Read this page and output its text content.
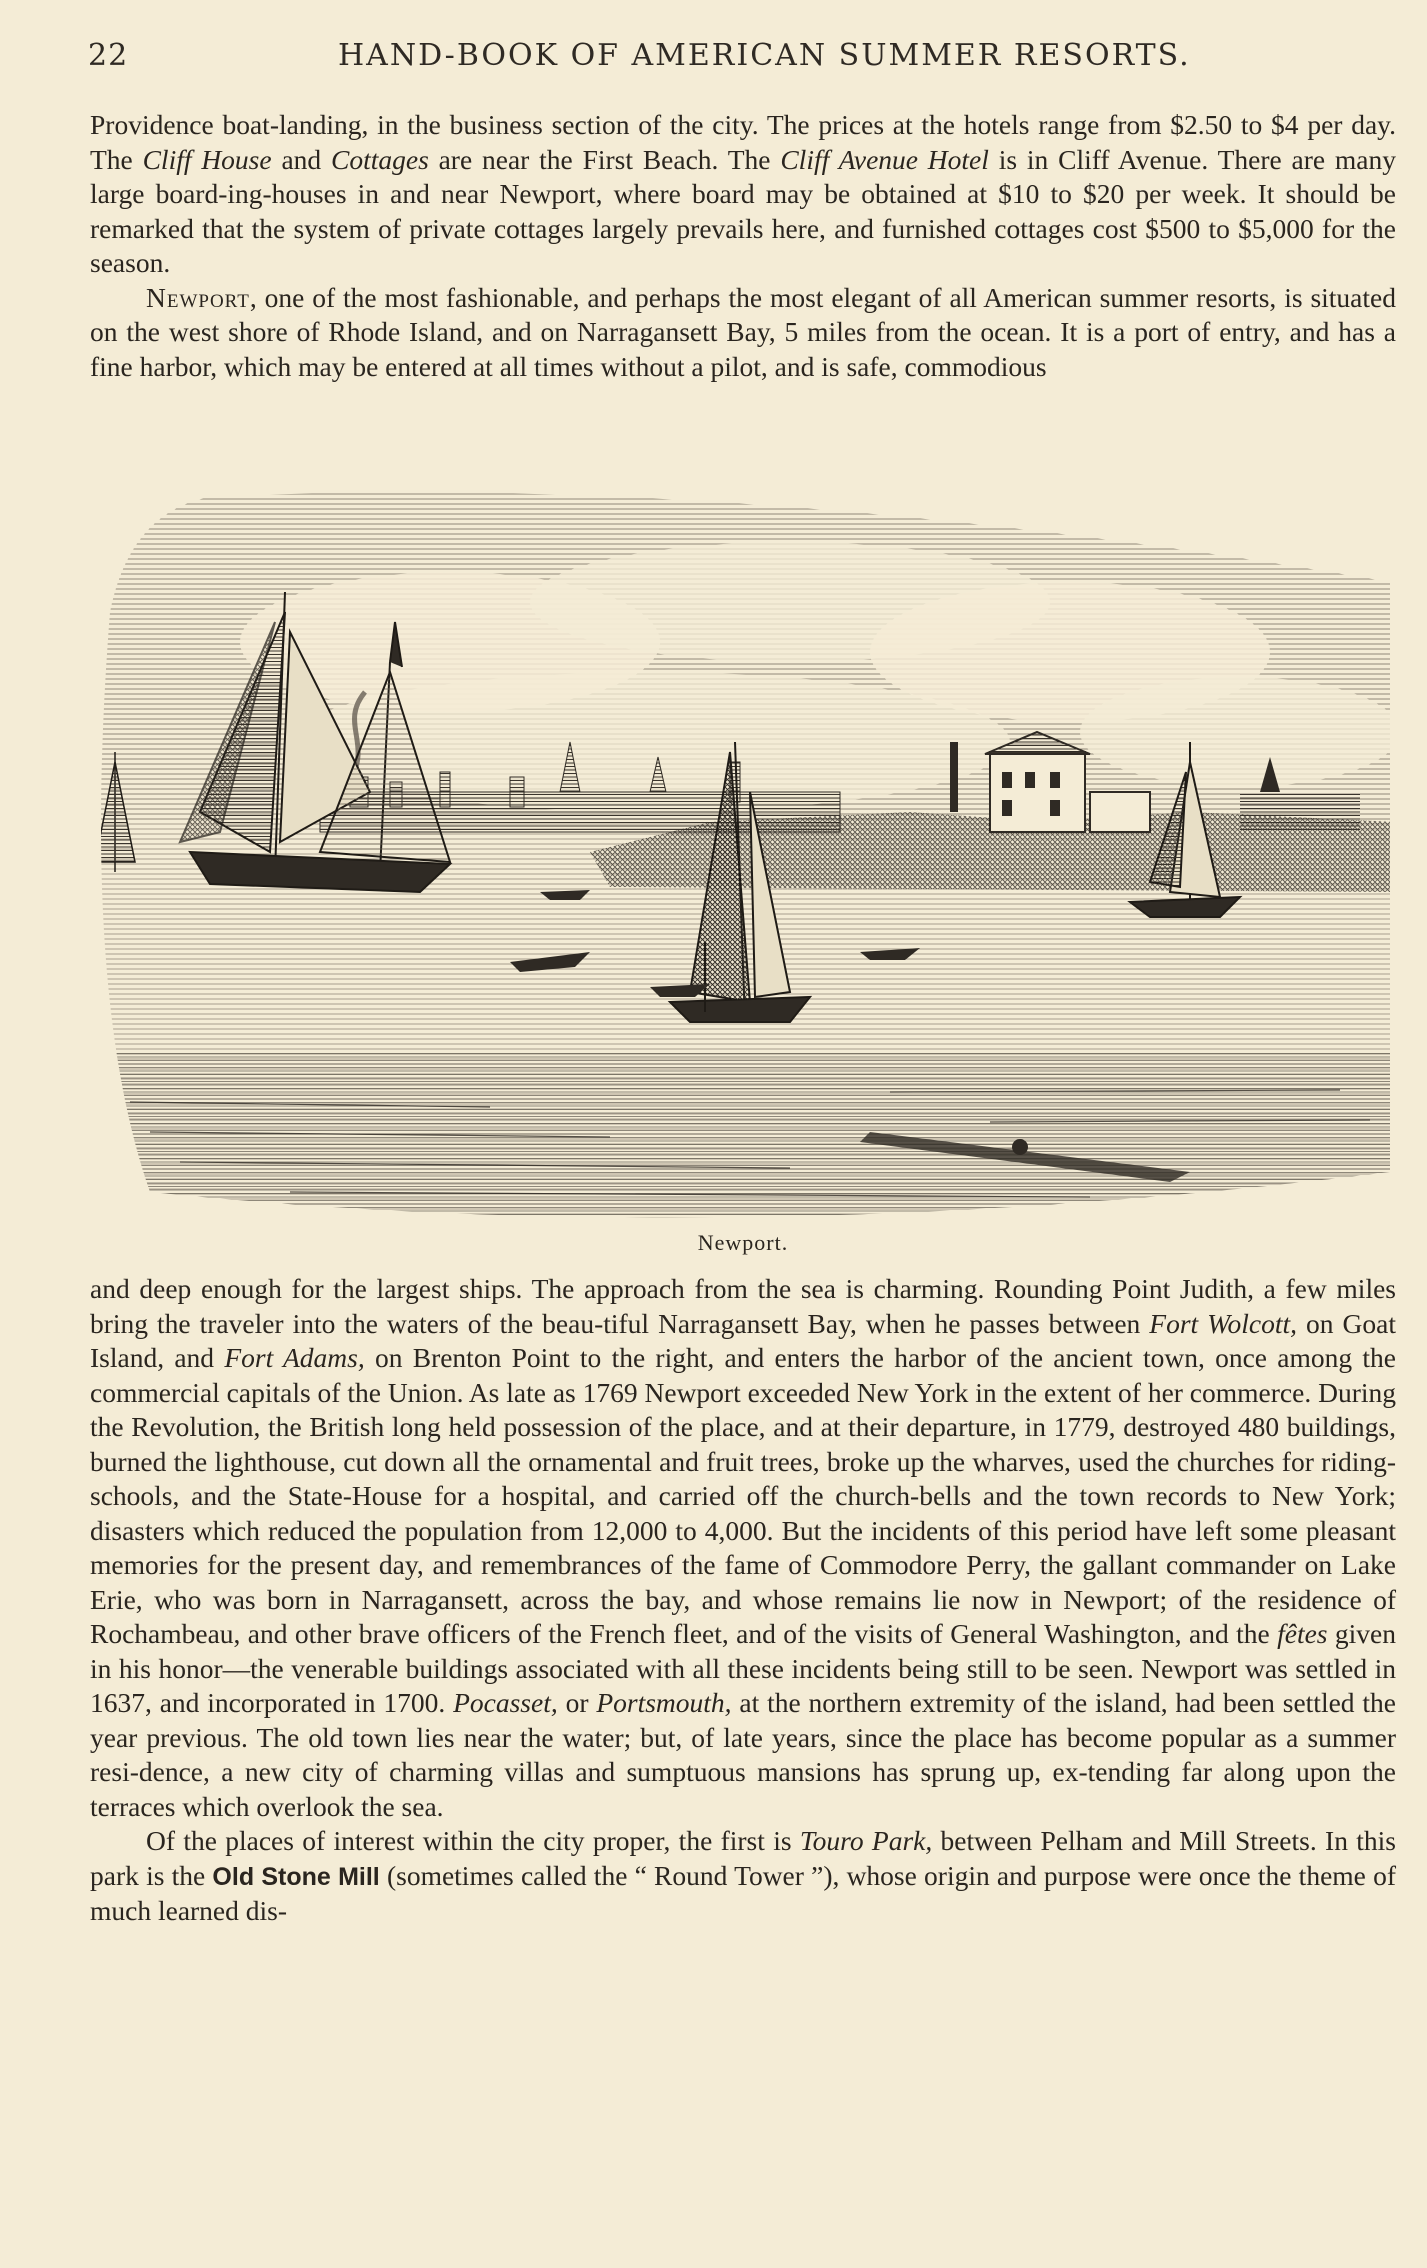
22	HAND-BOOK OF AMERICAN SUMMER RESORTS.

Providence boat-landing, in the business section of the city. The prices at the hotels range from $2.50 to $4 per day. The Cliff House and Cottages are near the First Beach. The Cliff Avenue Hotel is in Cliff Avenue. There are many large board-ing-houses in and near Newport, where board may be obtained at $10 to $20 per week. It should be remarked that the system of private cottages largely prevails here, and furnished cottages cost $500 to $5,000 for the season.

Newport, one of the most fashionable, and perhaps the most elegant of all American summer resorts, is situated on the west shore of Rhode Island, and on Narragansett Bay, 5 miles from the ocean. It is a port of entry, and has a fine harbor, which may be entered at all times without a pilot, and is safe, commodious

Newport.

and deep enough for the largest ships. The approach from the sea is charming. Rounding Point Judith, a few miles bring the traveler into the waters of the beau-tiful Narragansett Bay, when he passes between Fort Wolcott, on Goat Island, and Fort Adams, on Brenton Point to the right, and enters the harbor of the ancient town, once among the commercial capitals of the Union. As late as 1769 Newport exceeded New York in the extent of her commerce. During the Revolution, the British long held possession of the place, and at their departure, in 1779, destroyed 480 buildings, burned the lighthouse, cut down all the ornamental and fruit trees, broke up the wharves, used the churches for riding-schools, and the State-House for a hospital, and carried off the church-bells and the town records to New York; disasters which reduced the population from 12,000 to 4,000. But the incidents of this period have left some pleasant memories for the present day, and remembrances of the fame of Commodore Perry, the gallant commander on Lake Erie, who was born in Narragansett, across the bay, and whose remains lie now in Newport; of the residence of Rochambeau, and other brave officers of the French fleet, and of the visits of General Washington, and the fêtes given in his honor—the venerable buildings associated with all these incidents being still to be seen. Newport was settled in 1637, and incorporated in 1700. Pocasset, or Portsmouth, at the northern extremity of the island, had been settled the year previous. The old town lies near the water; but, of late years, since the place has become popular as a summer resi-dence, a new city of charming villas and sumptuous mansions has sprung up, ex-tending far along upon the terraces which overlook the sea.

Of the places of interest within the city proper, the first is Touro Park, between Pelham and Mill Streets. In this park is the Old Stone Mill (sometimes called the “ Round Tower ”), whose origin and purpose were once the theme of much learned dis-
